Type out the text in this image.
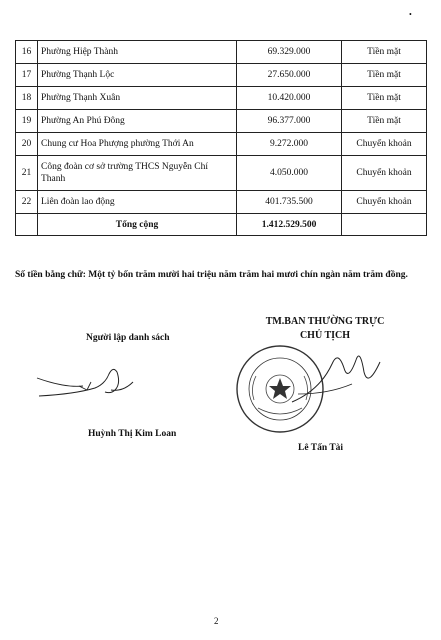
•
16	Phường Hiệp Thành	69.329.000	Tiền mặt
17	Phường Thạnh Lộc	27.650.000	Tiền mặt
18	Phường Thạnh Xuân	10.420.000	Tiền mặt
19	Phường An Phú Đông	96.377.000	Tiền mặt
20	Chung cư Hoa Phượng phường Thới An	9.272.000	Chuyển khoản
21	Công đoàn cơ sở trường THCS Nguyễn Chí Thanh	4.050.000	Chuyển khoản
22	Liên đoàn lao động	401.735.500	Chuyển khoản
	Tổng cộng	1.412.529.500	
Số tiền bằng chữ: Một tỷ bốn trăm mười hai triệu năm trăm hai mươi chín ngàn năm trăm đồng.
Người lập danh sách
TM.BAN THƯỜNG TRỰC
CHỦ TỊCH
Huỳnh Thị Kim Loan
Lê Tấn Tài
2
